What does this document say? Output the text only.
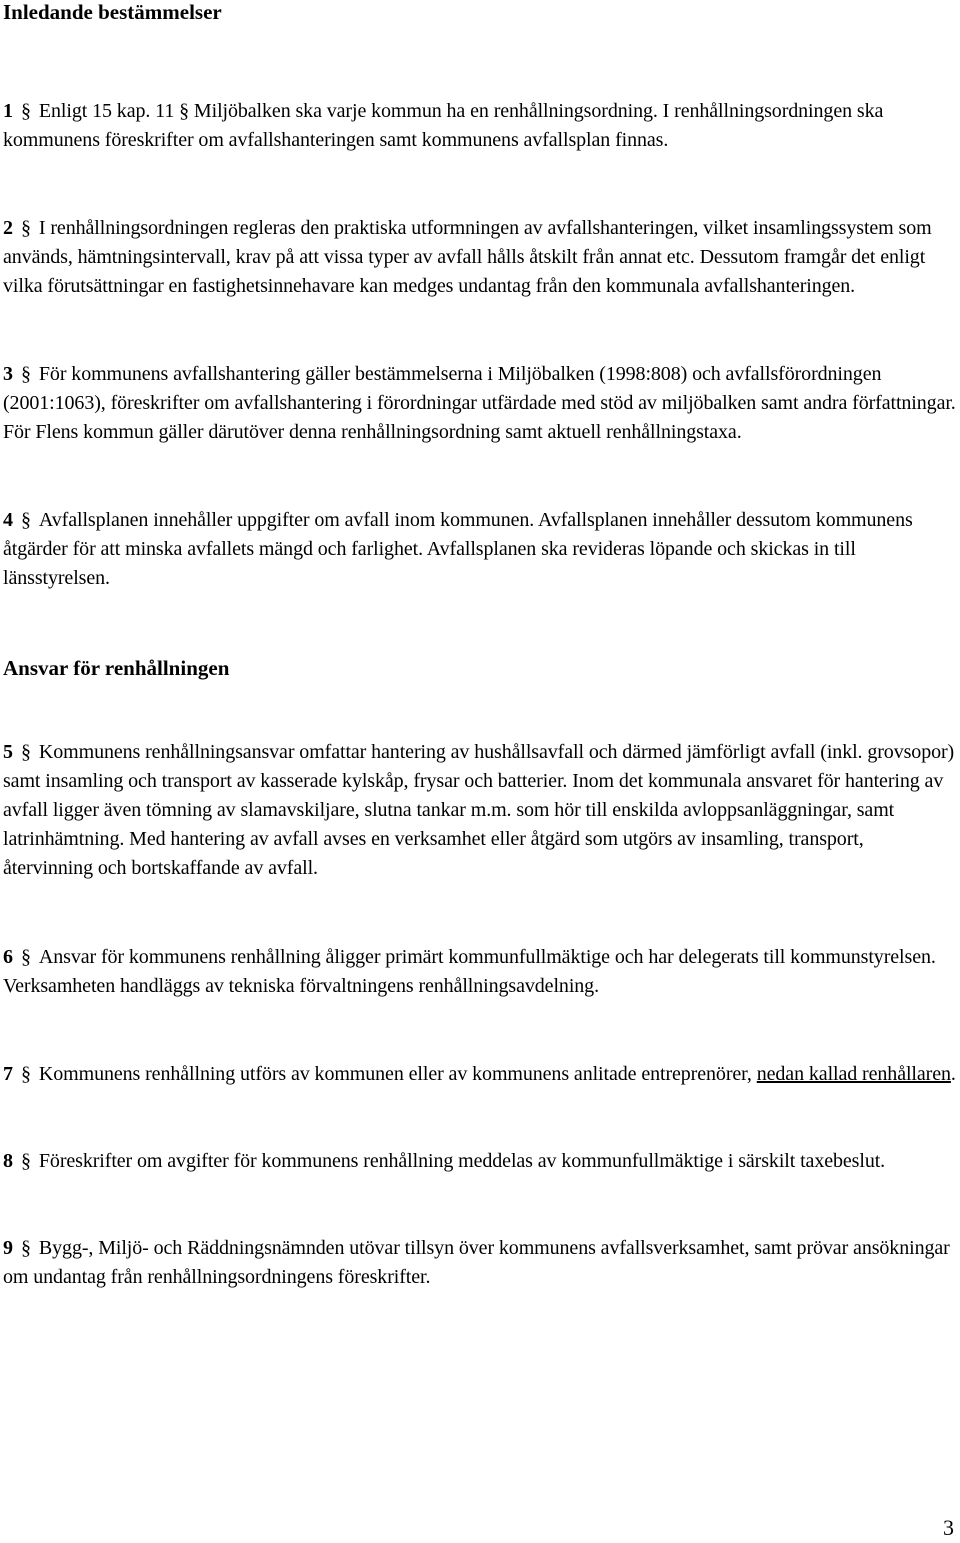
Inledande bestämmelser

1 § Enligt 15 kap. 11 § Miljöbalken ska varje kommun ha en renhållningsordning. I renhållningsordningen ska kommunens föreskrifter om avfallshanteringen samt kommunens avfallsplan finnas.

2 § I renhållningsordningen regleras den praktiska utformningen av avfallshanteringen, vilket insamlingssystem som används, hämtningsintervall, krav på att vissa typer av avfall hålls åtskilt från annat etc. Dessutom framgår det enligt vilka förutsättningar en fastighetsinnehavare kan medges undantag från den kommunala avfallshanteringen.

3 § För kommunens avfallshantering gäller bestämmelserna i Miljöbalken (1998:808) och avfallsförordningen (2001:1063), föreskrifter om avfallshantering i förordningar utfärdade med stöd av miljöbalken samt andra författningar. För Flens kommun gäller därutöver denna renhållningsordning samt aktuell renhållningstaxa.

4 § Avfallsplanen innehåller uppgifter om avfall inom kommunen. Avfallsplanen innehåller dessutom kommunens åtgärder för att minska avfallets mängd och farlighet. Avfallsplanen ska revideras löpande och skickas in till länsstyrelsen.

Ansvar för renhållningen

5 § Kommunens renhållningsansvar omfattar hantering av hushållsavfall och därmed jämförligt avfall (inkl. grovsopor) samt insamling och transport av kasserade kylskåp, frysar och batterier. Inom det kommunala ansvaret för hantering av avfall ligger även tömning av slamavskiljare, slutna tankar m.m. som hör till enskilda avloppsanläggningar, samt latrinhämtning. Med hantering av avfall avses en verksamhet eller åtgärd som utgörs av insamling, transport, återvinning och bortskaffande av avfall.

6 § Ansvar för kommunens renhållning åligger primärt kommunfullmäktige och har delegerats till kommunstyrelsen. Verksamheten handläggs av tekniska förvaltningens renhållningsavdelning.

7 § Kommunens renhållning utförs av kommunen eller av kommunens anlitade entreprenörer, nedan kallad renhållaren.

8 § Föreskrifter om avgifter för kommunens renhållning meddelas av kommunfullmäktige i särskilt taxebeslut.

9 § Bygg-, Miljö- och Räddningsnämnden utövar tillsyn över kommunens avfallsverksamhet, samt prövar ansökningar om undantag från renhållningsordningens föreskrifter.

3
